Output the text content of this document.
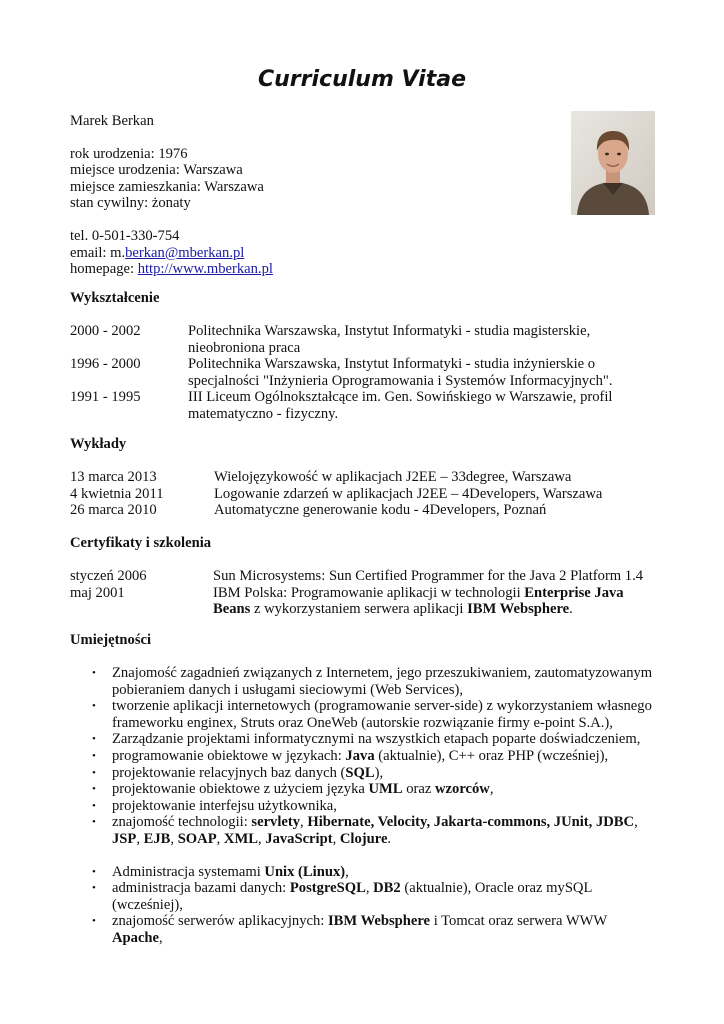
Curriculum Vitae
Marek Berkan
rok urodzenia: 1976
miejsce urodzenia: Warszawa
miejsce zamieszkania: Warszawa
stan cywilny: żonaty
tel. 0-501-330-754
email: m.berkan@mberkan.pl
homepage: http://www.mberkan.pl
Wykształcenie
2000 - 2002	Politechnika Warszawska, Instytut Informatyki - studia magisterskie,
nieobroniona praca
1996 - 2000	Politechnika Warszawska, Instytut Informatyki - studia inżynierskie o
specjalności "Inżynieria Oprogramowania i Systemów Informacyjnych".
1991 - 1995	III Liceum Ogólnokształcące im. Gen. Sowińskiego w Warszawie, profil
matematyczno - fizyczny.
Wykłady
13 marca 2013	Wielojęzykowość w aplikacjach J2EE – 33degree, Warszawa
4 kwietnia 2011	Logowanie zdarzeń w aplikacjach J2EE – 4Developers, Warszawa
26 marca 2010	Automatyczne generowanie kodu - 4Developers, Poznań
Certyfikaty i szkolenia
styczeń 2006	Sun Microsystems: Sun Certified Programmer for the Java 2 Platform 1.4
maj 2001	IBM Polska: Programowanie aplikacji w technologii Enterprise Java
Beans z wykorzystaniem serwera aplikacji IBM Websphere.
Umiejętności
•	Znajomość zagadnień związanych z Internetem, jego przeszukiwaniem, zautomatyzowanym
pobieraniem danych i usługami sieciowymi (Web Services),
•	tworzenie aplikacji internetowych (programowanie server-side) z wykorzystaniem własnego
frameworku enginex, Struts oraz OneWeb (autorskie rozwiązanie firmy e-point S.A.),
•	Zarządzanie projektami informatycznymi na wszystkich etapach poparte doświadczeniem,
•	programowanie obiektowe w językach: Java (aktualnie), C++ oraz PHP (wcześniej),
•	projektowanie relacyjnych baz danych (SQL),
•	projektowanie obiektowe z użyciem języka UML oraz wzorców,
•	projektowanie interfejsu użytkownika,
•	znajomość technologii: servlety, Hibernate, Velocity, Jakarta-commons, JUnit, JDBC,
JSP, EJB, SOAP, XML, JavaScript, Clojure.
•	Administracja systemami Unix (Linux),
•	administracja bazami danych: PostgreSQL, DB2 (aktualnie), Oracle oraz mySQL
(wcześniej),
•	znajomość serwerów aplikacyjnych: IBM Websphere i Tomcat oraz serwera WWW
Apache,
